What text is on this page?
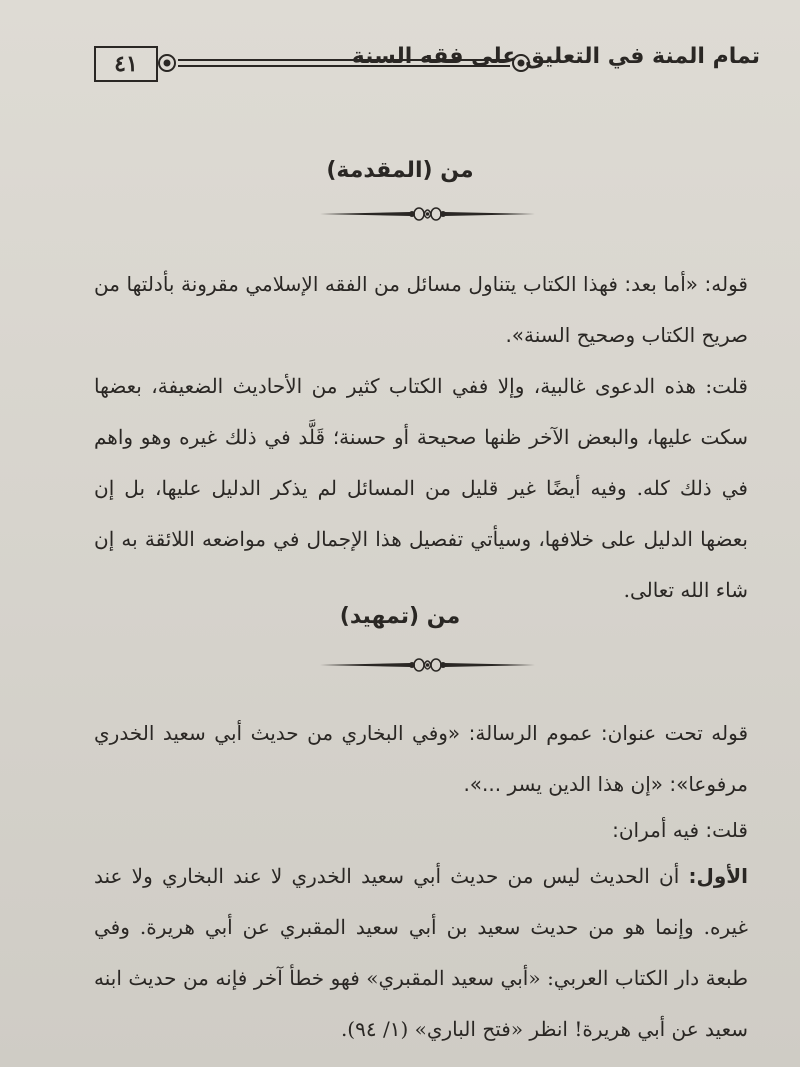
٤١	تمام المنة في التعليق على فقه السنة
من (المقدمة)
قوله: «أما بعد: فهذا الكتاب يتناول مسائل من الفقه الإسلامي مقرونة بأدلتها من صريح الكتاب وصحيح السنة».
قلت: هذه الدعوى غالبية، وإلا ففي الكتاب كثير من الأحاديث الضعيفة، بعضها سكت عليها، والبعض الآخر ظنها صحيحة أو حسنة؛ قَلَّد في ذلك غيره وهو واهم في ذلك كله. وفيه أيضًا غير قليل من المسائل لم يذكر الدليل عليها، بل إن بعضها الدليل على خلافها، وسيأتي تفصيل هذا الإجمال في مواضعه اللائقة به إن شاء الله تعالى.
من (تمهيد)
قوله تحت عنوان: عموم الرسالة: «وفي البخاري من حديث أبي سعيد الخدري مرفوعا»: «إن هذا الدين يسر ...».
قلت: فيه أمران:
الأول: أن الحديث ليس من حديث أبي سعيد الخدري لا عند البخاري ولا عند غيره. وإنما هو من حديث سعيد بن أبي سعيد المقبري عن أبي هريرة. وفي طبعة دار الكتاب العربي: «أبي سعيد المقبري» فهو خطأ آخر فإنه من حديث ابنه سعيد عن أبي هريرة! انظر «فتح الباري» (١/ ٩٤).
